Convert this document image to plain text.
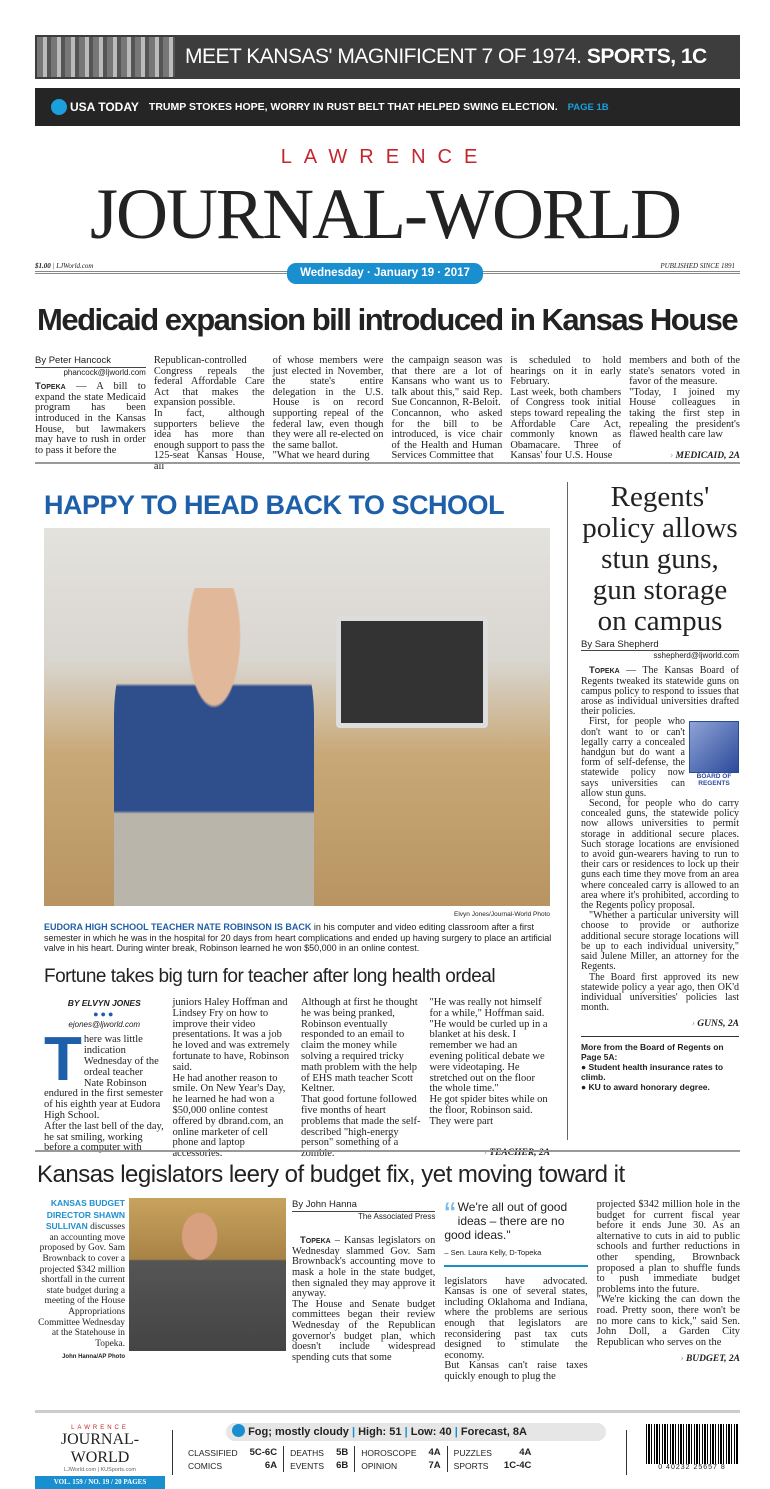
MEET KANSAS' MAGNIFICENT 7 OF 1974. SPORTS, 1C
USA TODAY TRUMP STOKES HOPE, WORRY IN RUST BELT THAT HELPED SWING ELECTION. PAGE 1B
LAWRENCE
JOURNAL-WORLD
$1.00 | LJWorld.com	PUBLISHED SINCE 1891
Wednesday · January 19 · 2017
Medicaid expansion bill introduced in Kansas House
By Peter Hancock
phancock@ljworld.com
Topeka — A bill to expand the state Medicaid program has been introduced in the Kansas House, but lawmakers may have to rush in order to pass it before the
Republican-controlled Congress repeals the federal Affordable Care Act that makes the expansion possible.
In fact, although supporters believe the idea has more than enough support to pass the 125-seat Kansas House, all
of whose members were just elected in November, the state's entire delegation in the U.S. House is on record supporting repeal of the federal law, even though they were all re-elected on the same ballot.
"What we heard during
the campaign season was that there are a lot of Kansans who want us to talk about this," said Rep. Sue Concannon, R-Beloit.
Concannon, who asked for the bill to be introduced, is vice chair of the Health and Human Services Committee that
is scheduled to hold hearings on it in early February.
Last week, both chambers of Congress took initial steps toward repealing the Affordable Care Act, commonly known as Obamacare. Three of Kansas' four U.S. House
members and both of the state's senators voted in favor of the measure.
"Today, I joined my House colleagues in taking the first step in repealing the president's flawed health care law
› MEDICAID, 2A
HAPPY TO HEAD BACK TO SCHOOL
Elvyn Jones/Journal-World Photo
EUDORA HIGH SCHOOL TEACHER NATE ROBINSON IS BACK in his computer and video editing classroom after a first semester in which he was in the hospital for 20 days from heart complications and ended up having surgery to place an artificial valve in his heart. During winter break, Robinson learned he won $50,000 in an online contest.
Fortune takes big turn for teacher after long health ordeal
BY ELVYN JONES
●●●
ejones@ljworld.com
T here was little indication Wednesday of the ordeal teacher Nate Robinson endured in the first semester of his eighth year at Eudora High School.
After the last bell of the day, he sat smiling, working before a computer with
juniors Haley Hoffman and Lindsey Fry on how to improve their video presentations. It was a job he loved and was extremely fortunate to have, Robinson said.
He had another reason to smile. On New Year's Day, he learned he had won a $50,000 online contest offered by dbrand.com, an online marketer of cell phone and laptop accessories.
Although at first he thought he was being pranked, Robinson eventually responded to an email to claim the money while solving a required tricky math problem with the help of EHS math teacher Scott Keltner.
That good fortune followed five months of heart problems that made the self-described "high-energy person" something of a zombie.
"He was really not himself for a while," Hoffman said. "He would be curled up in a blanket at his desk. I remember we had an evening political debate we were videotaping. He stretched out on the floor the whole time."
He got spider bites while on the floor, Robinson said. They were part
› TEACHER, 2A
Regents' policy allows stun guns, gun storage on campus
By Sara Shepherd
sshepherd@ljworld.com

Topeka — The Kansas Board of Regents tweaked its statewide guns on campus policy to respond to issues that arose as individual universities drafted their policies.

BOARD OF REGENTS

First, for people who don't want to or can't legally carry a concealed handgun but do want a form of self-defense, the statewide policy now says universities can allow stun guns.

Second, for people who do carry concealed guns, the statewide policy now allows universities to permit storage in additional secure places. Such storage locations are envisioned to avoid gun-wearers having to run to their cars or residences to lock up their guns each time they move from an area where concealed carry is allowed to an area where it's prohibited, according to the Regents policy proposal.

"Whether a particular university will choose to provide or authorize additional secure storage locations will be up to each individual university," said Julene Miller, an attorney for the Regents.

The Board first approved its new statewide policy a year ago, then OK'd individual universities' policies last month.

› GUNS, 2A
More from the Board of Regents on Page 5A:
● Student health insurance rates to climb.
● KU to award honorary degree.
Kansas legislators leery of budget fix, yet moving toward it
KANSAS BUDGET DIRECTOR SHAWN SULLIVAN discusses an accounting move proposed by Gov. Sam Brownback to cover a projected $342 million shortfall in the current state budget during a meeting of the House Appropriations Committee Wednesday at the Statehouse in Topeka.
John Hanna/AP Photo
By John Hanna
The Associated Press

Topeka – Kansas legislators on Wednesday slammed Gov. Sam Brownback's accounting move to mask a hole in the state budget, then signaled they may approve it anyway.
The House and Senate budget committees began their review Wednesday of the Republican governor's budget plan, which doesn't include widespread spending cuts that some

“ We're all out of good ideas – there are no good ideas."
– Sen. Laura Kelly, D-Topeka
legislators have advocated. Kansas is one of several states, including Oklahoma and Indiana, where the problems are serious enough that legislators are reconsidering past tax cuts designed to stimulate the economy.
But Kansas can't raise taxes quickly enough to plug the
projected $342 million hole in the budget for current fiscal year before it ends June 30. As an alternative to cuts in aid to public schools and further reductions in other spending, Brownback proposed a plan to shuffle funds to push immediate budget problems into the future.
"We're kicking the can down the road. Pretty soon, there won't be no more cans to kick," said Sen. John Doll, a Garden City Republican who serves on the
› BUDGET, 2A
LAWRENCE
JOURNAL-WORLD
LJWorld.com | KUSports.com
VOL. 159 / NO. 19 / 20 PAGES
Fog; mostly cloudy | High: 51 | Low: 40 | Forecast, 8A
CLASSIFIED	5C-6C	DEATHS	5B	HOROSCOPE	4A	PUZZLES	4A
COMICS	6A	EVENTS	6B	OPINION	7A	SPORTS	1C-4C	0 40232 25657 8
